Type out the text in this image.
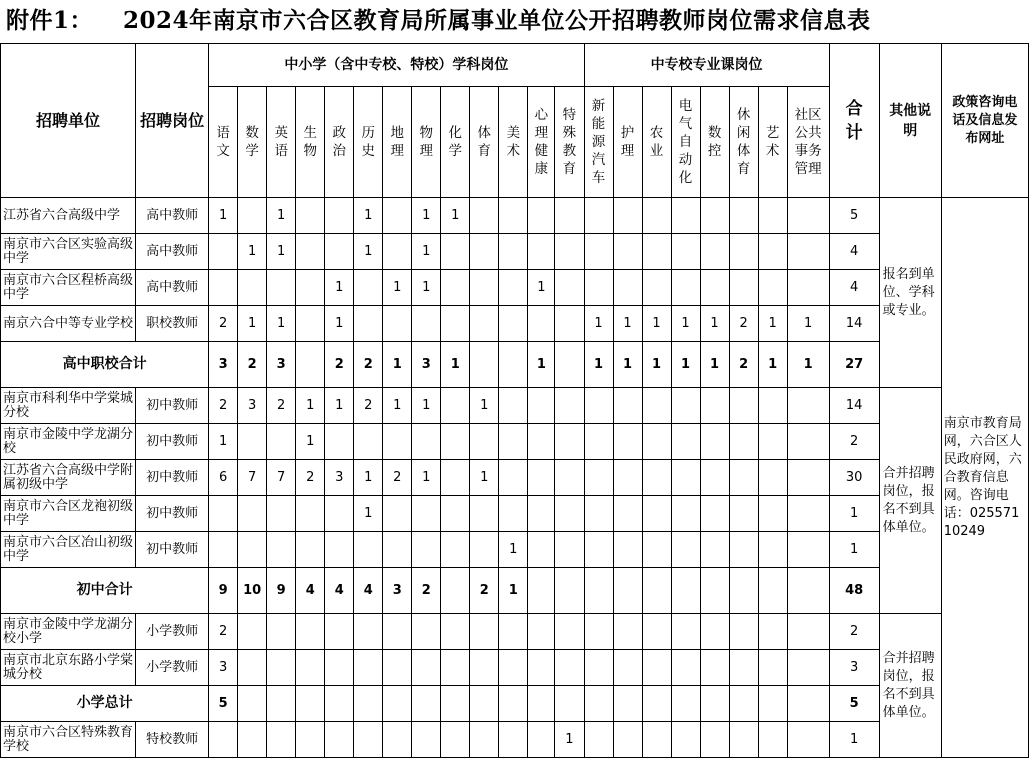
附件1： 2024年南京市六合区教育局所属事业单位公开招聘教师岗位需求信息表
招聘单位	招聘岗位	中小学（含中专校、特校）学科岗位													中专校专业课岗位								合计	其他说明	政策咨询电话及信息发布网址
		语文	数学	英语	生物	政治	历史	地理	物理	化学	体育	美术	心理健康	特殊教育	新能源汽车	护理	农业	电气自动化	数控	休闲体育	艺术	社区公共事务管理			
江苏省六合高级中学	高中教师	1		1			1		1	1													5	报名到单位、学科或专业。	南京市教育局网，六合区人民政府网，六合教育信息网。咨询电话：02557110249
南京市六合区实验高级中学	高中教师		1	1			1		1														4		
南京市六合区程桥高级中学	高中教师					1		1	1				1										4		
南京六合中等专业学校	职校教师	2	1	1		1									1	1	1	1	1	2	1	1	14		
高中职校合计		3	2	3		2	2	1	3	1			1		1	1	1	1	1	2	1	1	27		
南京市科利华中学棠城分校	初中教师	2	3	2	1	1	2	1	1		1												14	合并招聘岗位，报名不到具体单位。	
南京市金陵中学龙湖分校	初中教师	1			1																		2		
江苏省六合高级中学附属初级中学	初中教师	6	7	7	2	3	1	2	1		1												30		
南京市六合区龙袍初级中学	初中教师						1																1		
南京市六合区冶山初级中学	初中教师											1											1		
初中合计		9	10	9	4	4	4	3	2		2	1											48		
南京市金陵中学龙湖分校小学	小学教师	2																					2	合并招聘岗位，报名不到具体单位。	
南京市北京东路小学棠城分校	小学教师	3																					3		
小学总计		5																					5		
南京市六合区特殊教育学校	特校教师													1									1		
